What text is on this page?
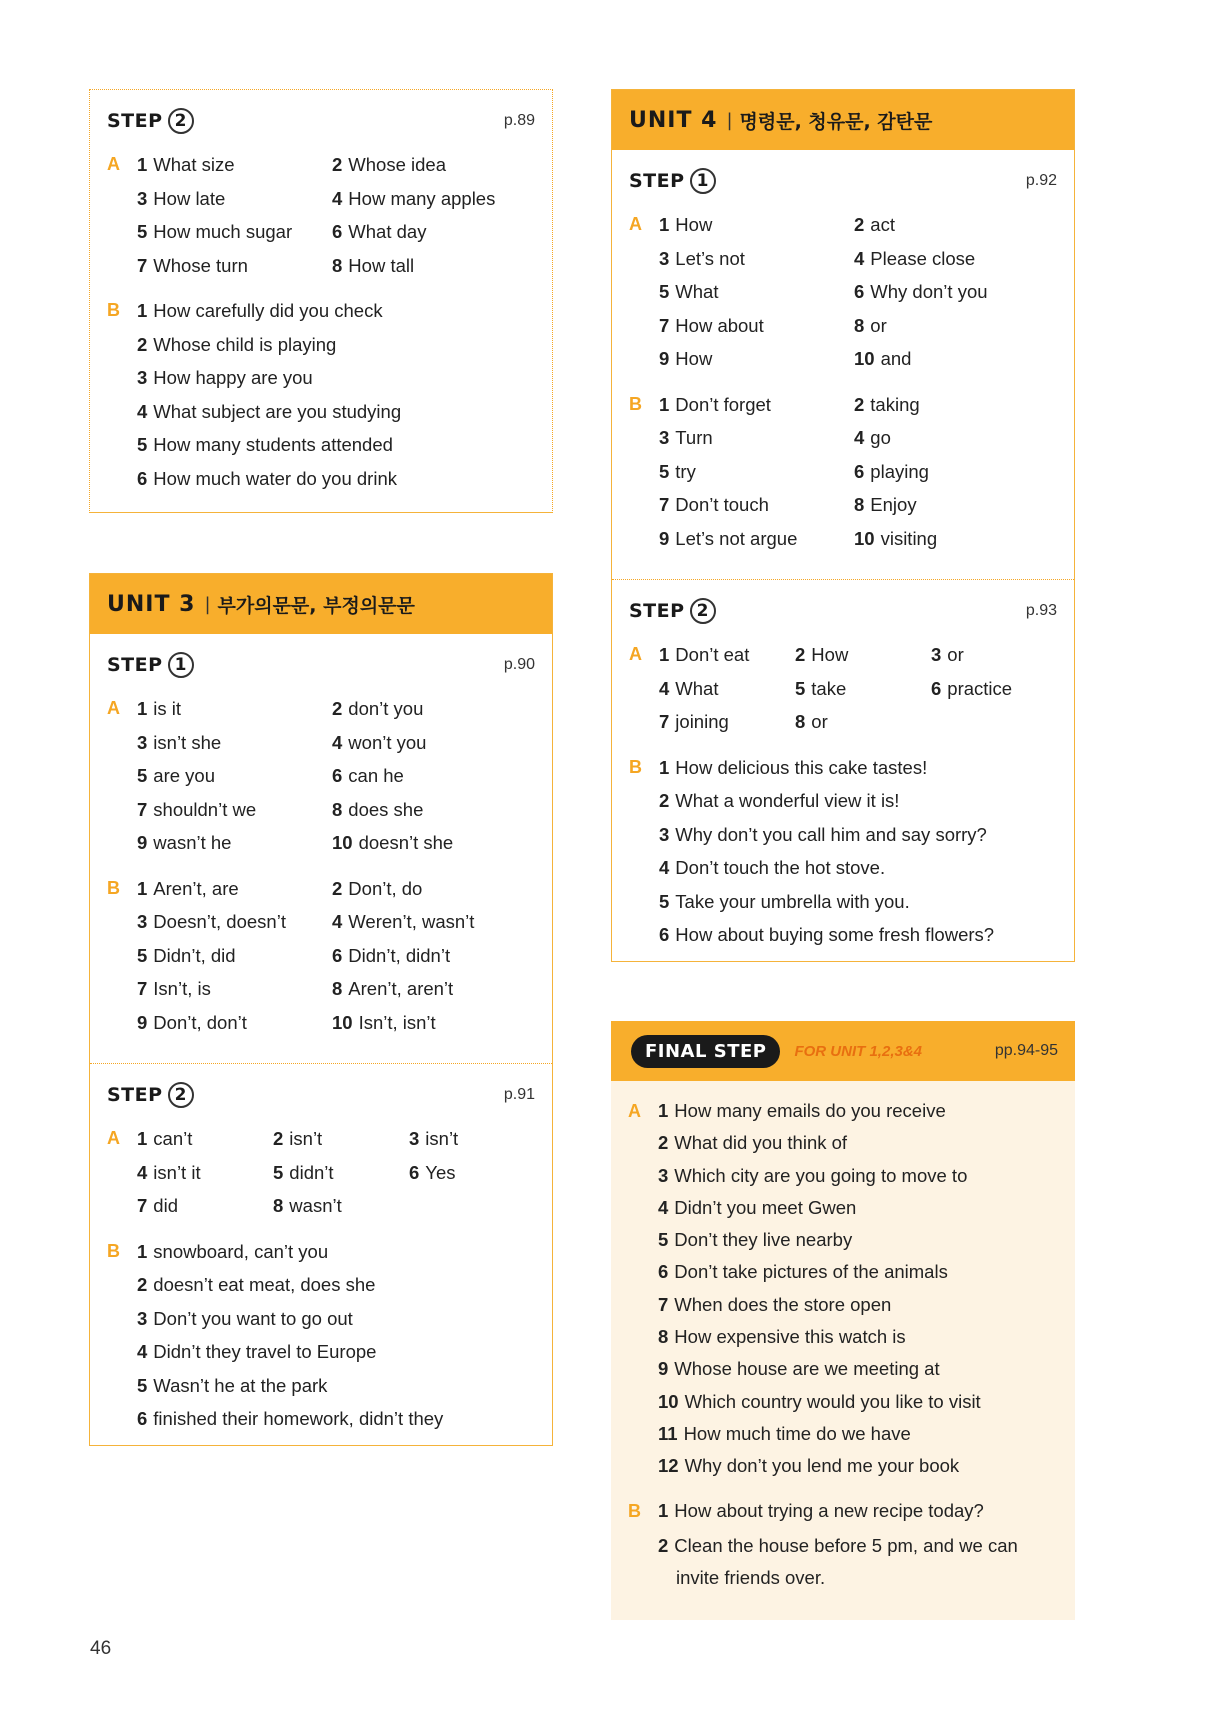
STEP 2	p.89
A 1 What size	2 Whose idea
3 How late	4 How many apples
5 How much sugar	6 What day
7 Whose turn	8 How tall
B 1 How carefully did you check
2 Whose child is playing
3 How happy are you
4 What subject are you studying
5 How many students attended
6 How much water do you drink
UNIT 3 | 부가의문문, 부정의문문
STEP 1	p.90
A 1 is it	2 don’t you
3 isn’t she	4 won’t you
5 are you	6 can he
7 shouldn’t we	8 does she
9 wasn’t he	10 doesn’t she
B 1 Aren’t, are	2 Don’t, do
3 Doesn’t, doesn’t	4 Weren’t, wasn’t
5 Didn’t, did	6 Didn’t, didn’t
7 Isn’t, is	8 Aren’t, aren’t
9 Don’t, don’t	10 Isn’t, isn’t
STEP 2	p.91
A 1 can’t	2 isn’t	3 isn’t
4 isn’t it	5 didn’t	6 Yes
7 did	8 wasn’t
B 1 snowboard, can’t you
2 doesn’t eat meat, does she
3 Don’t you want to go out
4 Didn’t they travel to Europe
5 Wasn’t he at the park
6 finished their homework, didn’t they
UNIT 4 | 명령문, 청유문, 감탄문
STEP 1	p.92
A 1 How	2 act
3 Let’s not	4 Please close
5 What	6 Why don’t you
7 How about	8 or
9 How	10 and
B 1 Don’t forget	2 taking
3 Turn	4 go
5 try	6 playing
7 Don’t touch	8 Enjoy
9 Let’s not argue	10 visiting
STEP 2	p.93
A 1 Don’t eat	2 How	3 or
4 What	5 take	6 practice
7 joining	8 or
B 1 How delicious this cake tastes!
2 What a wonderful view it is!
3 Why don’t you call him and say sorry?
4 Don’t touch the hot stove.
5 Take your umbrella with you.
6 How about buying some fresh flowers?
FINAL STEP	FOR UNIT 1,2,3&4	pp.94-95
A 1 How many emails do you receive
2 What did you think of
3 Which city are you going to move to
4 Didn’t you meet Gwen
5 Don’t they live nearby
6 Don’t take pictures of the animals
7 When does the store open
8 How expensive this watch is
9 Whose house are we meeting at
10 Which country would you like to visit
11 How much time do we have
12 Why don’t you lend me your book
B 1 How about trying a new recipe today?
2 Clean the house before 5 pm, and we can invite friends over.
46
